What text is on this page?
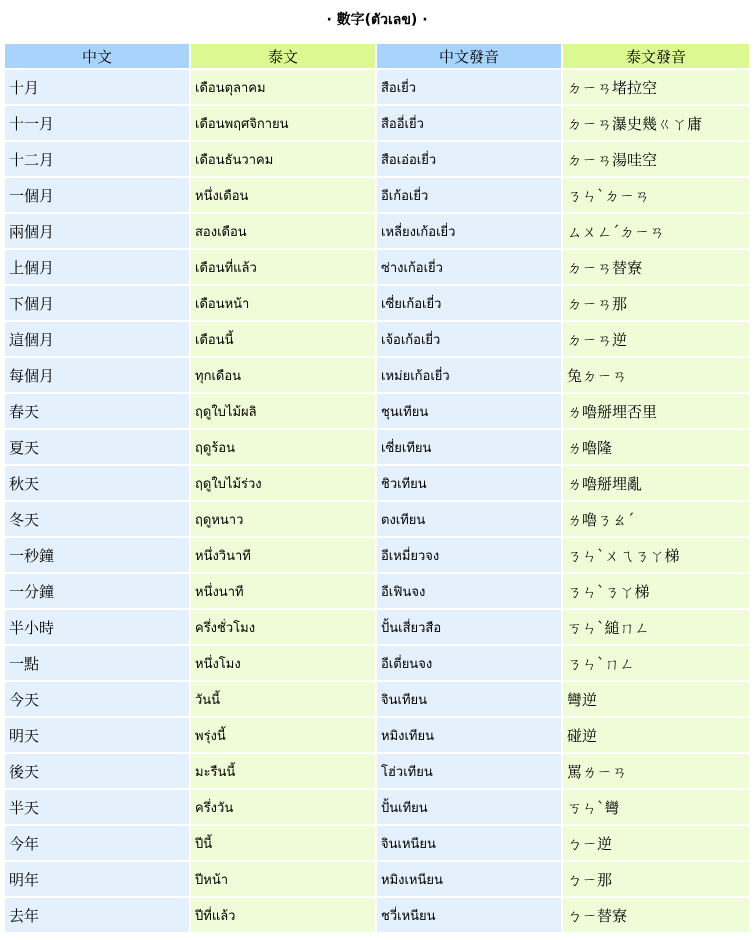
· 數字(ตัวเลข) ·
中文	泰文	中文發音	泰文發音
十月	เดือนตุลาคม	สือเยี่ว	ㄉㄧㄢ堵拉空
十一月	เดือนพฤศจิกายน	สืออี่เยี่ว	ㄉㄧㄢ瀑史幾ㄍㄚ庸
十二月	เดือนธันวาคม	สือเอ่อเยี่ว	ㄉㄧㄢ湯哇空
一個月	หนึ่งเดือน	อีเก้อเยี่ว	ㄋㄣˋㄉㄧㄢ
兩個月	สองเดือน	เหลี่ยงเก้อเยี่ว	ㄙㄨㄥˊㄉㄧㄢ
上個月	เดือนที่แล้ว	ซ่างเก้อเยี่ว	ㄉㄧㄢ替寮
下個月	เดือนหน้า	เซี่ยเก้อเยี่ว	ㄉㄧㄢ那
這個月	เดือนนี้	เจ้อเก้อเยี่ว	ㄉㄧㄢ逆
每個月	ทุกเดือน	เหม่ยเก้อเยี่ว	兔ㄉㄧㄢ
春天	ฤดูใบไม้ผลิ	ชุนเทียน	ㄌ嚕掰埋否里
夏天	ฤดูร้อน	เซี่ยเทียน	ㄌ嚕隆
秋天	ฤดูใบไม้ร่วง	ชิวเทียน	ㄌ嚕掰埋亂
冬天	ฤดูหนาว	ตงเทียน	ㄌ嚕ㄋㄠˊ
一秒鐘	หนึ่งวินาที	อีเหมี่ยวจง	ㄋㄣˋㄨㄟㄋㄚ梯
一分鐘	หนึ่งนาที	อีเฟินจง	ㄋㄣˋㄋㄚ梯
半小時	ครึ่งชั่วโมง	ปั้นเสี่ยวสือ	ㄎㄣˋ縋ㄇㄥ
一點	หนึ่งโมง	อีเตี่ยนจง	ㄋㄣˋㄇㄥ
今天	วันนี้	จินเทียน	彎逆
明天	พรุ่งนี้	หมิงเทียน	碰逆
後天	มะรืนนี้	โฮ่วเทียน	罵ㄌㄧㄢ
半天	ครึ่งวัน	ปั้นเทียน	ㄎㄣˋ彎
今年	ปีนี้	จินเหนียน	ㄅㄧ逆
明年	ปีหน้า	หมิงเหนียน	ㄅㄧ那
去年	ปีที่แล้ว	ชวี่เหนียน	ㄅㄧ替寮
